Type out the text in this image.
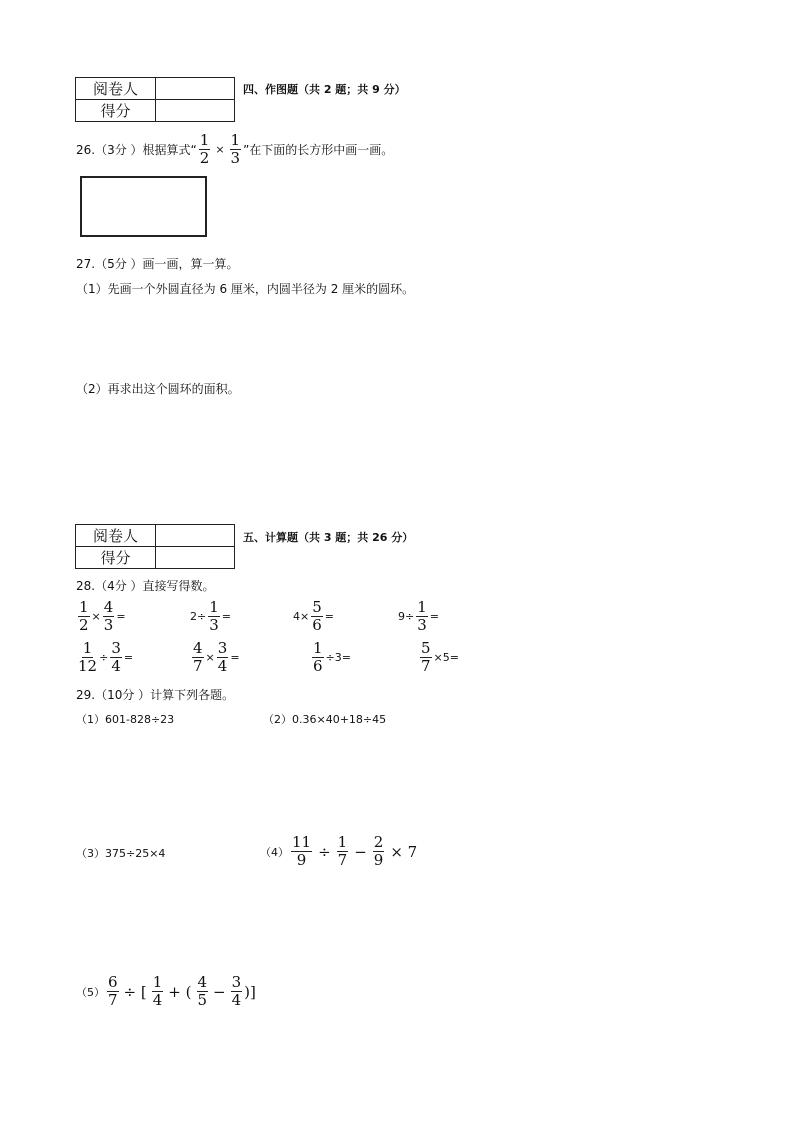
阅卷人	
得分	
四、作图题（共 2 题；共 9 分）
26.（3分 ）根据算式“ $\frac{1}{2} \times \frac{1}{3}$ ”在下面的长方形中画一画。
27.（5分 ）画一画，算一算。
（1）先画一个外圆直径为 6 厘米，内圆半径为 2 厘米的圆环。
（2）再求出这个圆环的面积。
阅卷人	
得分	
五、计算题（共 3 题；共 26 分）
28.（4分 ）直接写得数。
$\frac{1}{2} \times \frac{4}{3}$ =	$2\div \frac{1}{3}$ =	$4\times \frac{5}{6}$ =	$9\div \frac{1}{3}$ =
$\frac{1}{12} \div \frac{3}{4}$ =	$\frac{4}{7} \times \frac{3}{4}$ =	$\frac{1}{6} \div 3=$	$\frac{5}{7} \times 5=$
29.（10分 ）计算下列各题。
（1）601-828÷23	（2）0.36×40+18÷45
（3）375÷25×4	$(4) \frac{11}{9} \div \frac{1}{7} - \frac{2}{9} \times 7$
$(5) \frac{6}{7}$ ÷ [ $\frac{1}{4}$ + ( $\frac{4}{5} - \frac{3}{4}$ )]
